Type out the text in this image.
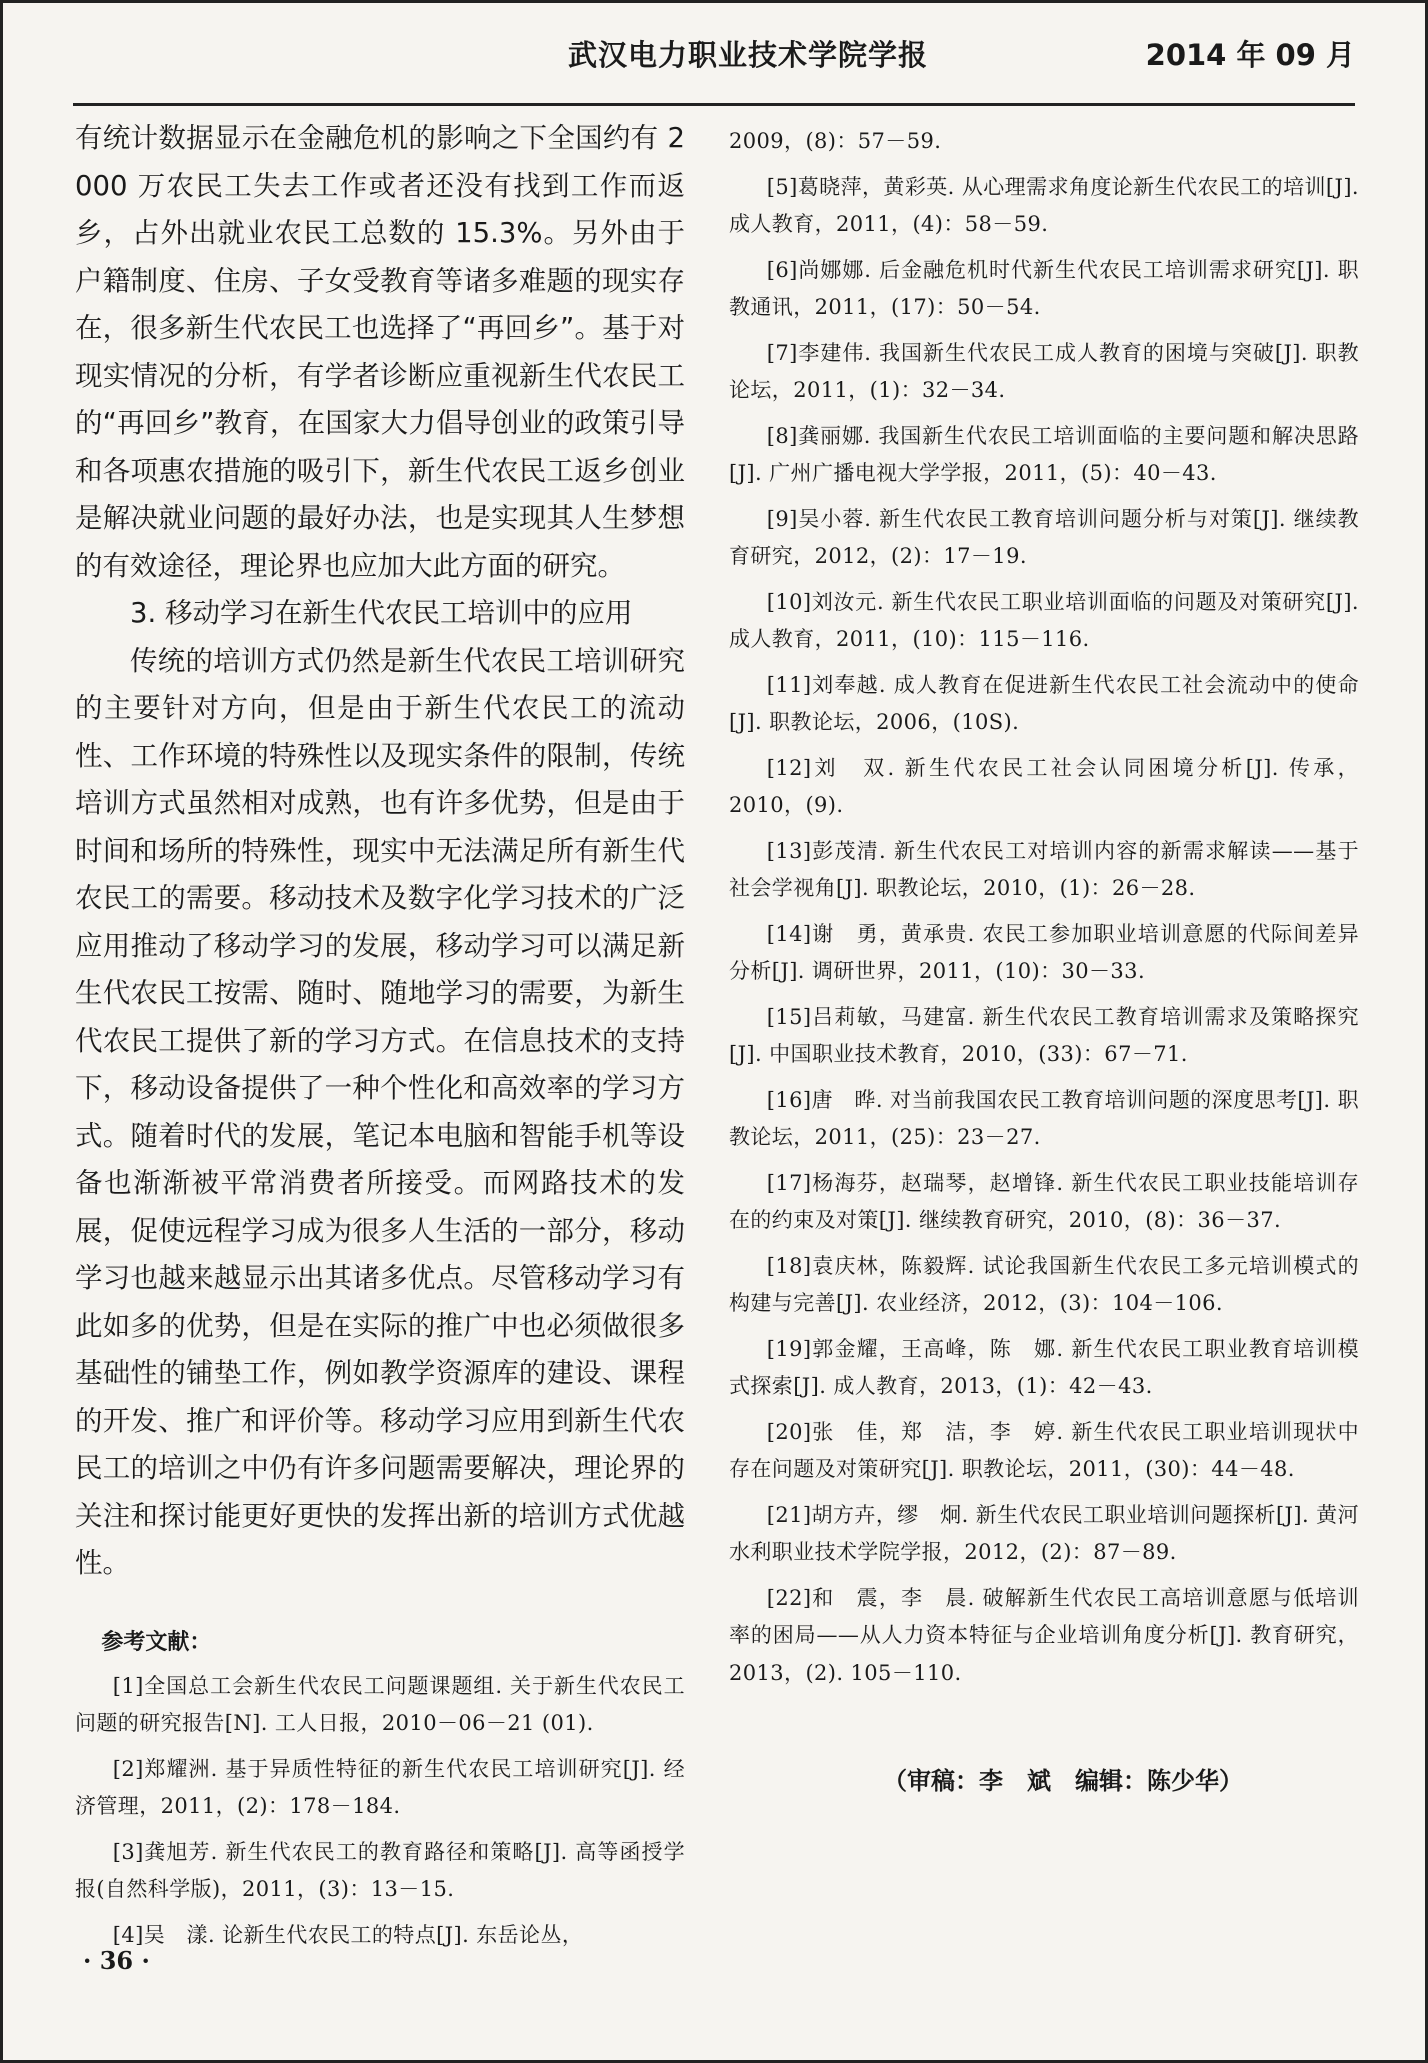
武汉电力职业技术学院学报	2014 年 09 月

有统计数据显示在金融危机的影响之下全国约有 2 000 万农民工失去工作或者还没有找到工作而返乡，占外出就业农民工总数的 15.3%。另外由于户籍制度、住房、子女受教育等诸多难题的现实存在，很多新生代农民工也选择了“再回乡”。基于对现实情况的分析，有学者诊断应重视新生代农民工的“再回乡”教育，在国家大力倡导创业的政策引导和各项惠农措施的吸引下，新生代农民工返乡创业是解决就业问题的最好办法，也是实现其人生梦想的有效途径，理论界也应加大此方面的研究。

3. 移动学习在新生代农民工培训中的应用

传统的培训方式仍然是新生代农民工培训研究的主要针对方向，但是由于新生代农民工的流动性、工作环境的特殊性以及现实条件的限制，传统培训方式虽然相对成熟，也有许多优势，但是由于时间和场所的特殊性，现实中无法满足所有新生代农民工的需要。移动技术及数字化学习技术的广泛应用推动了移动学习的发展，移动学习可以满足新生代农民工按需、随时、随地学习的需要，为新生代农民工提供了新的学习方式。在信息技术的支持下，移动设备提供了一种个性化和高效率的学习方式。随着时代的发展，笔记本电脑和智能手机等设备也渐渐被平常消费者所接受。而网路技术的发展，促使远程学习成为很多人生活的一部分，移动学习也越来越显示出其诸多优点。尽管移动学习有此如多的优势，但是在实际的推广中也必须做很多基础性的铺垫工作，例如教学资源库的建设、课程的开发、推广和评价等。移动学习应用到新生代农民工的培训之中仍有许多问题需要解决，理论界的关注和探讨能更好更快的发挥出新的培训方式优越性。

参考文献：

[1]全国总工会新生代农民工问题课题组. 关于新生代农民工问题的研究报告[N]. 工人日报，2010－06－21 (01).

[2]郑耀洲. 基于异质性特征的新生代农民工培训研究[J]. 经济管理，2011，(2)：178－184.

[3]龚旭芳. 新生代农民工的教育路径和策略[J]. 高等函授学报(自然科学版)，2011，(3)：13－15.

[4]吴　漾. 论新生代农民工的特点[J]. 东岳论丛，

2009，(8)：57－59.

[5]葛晓萍，黄彩英. 从心理需求角度论新生代农民工的培训[J]. 成人教育，2011，(4)：58－59.

[6]尚娜娜. 后金融危机时代新生代农民工培训需求研究[J]. 职教通讯，2011，(17)：50－54.

[7]李建伟. 我国新生代农民工成人教育的困境与突破[J]. 职教论坛，2011，(1)：32－34.

[8]龚丽娜. 我国新生代农民工培训面临的主要问题和解决思路[J]. 广州广播电视大学学报，2011，(5)：40－43.

[9]吴小蓉. 新生代农民工教育培训问题分析与对策[J]. 继续教育研究，2012，(2)：17－19.

[10]刘汝元. 新生代农民工职业培训面临的问题及对策研究[J]. 成人教育，2011，(10)：115－116.

[11]刘奉越. 成人教育在促进新生代农民工社会流动中的使命[J]. 职教论坛，2006，(10S).

[12]刘　双. 新生代农民工社会认同困境分析[J]. 传承，2010，(9).

[13]彭茂清. 新生代农民工对培训内容的新需求解读——基于社会学视角[J]. 职教论坛，2010，(1)：26－28.

[14]谢　勇，黄承贵. 农民工参加职业培训意愿的代际间差异分析[J]. 调研世界，2011，(10)：30－33.

[15]吕莉敏，马建富. 新生代农民工教育培训需求及策略探究[J]. 中国职业技术教育，2010，(33)：67－71.

[16]唐　晔. 对当前我国农民工教育培训问题的深度思考[J]. 职教论坛，2011，(25)：23－27.

[17]杨海芬，赵瑞琴，赵增锋. 新生代农民工职业技能培训存在的约束及对策[J]. 继续教育研究，2010，(8)：36－37.

[18]袁庆林，陈毅辉. 试论我国新生代农民工多元培训模式的构建与完善[J]. 农业经济，2012，(3)：104－106.

[19]郭金耀，王高峰，陈　娜. 新生代农民工职业教育培训模式探索[J]. 成人教育，2013，(1)：42－43.

[20]张　佳，郑　洁，李　婷. 新生代农民工职业培训现状中存在问题及对策研究[J]. 职教论坛，2011，(30)：44－48.

[21]胡方卉，缪　炯. 新生代农民工职业培训问题探析[J]. 黄河水利职业技术学院学报，2012，(2)：87－89.

[22]和　震，李　晨. 破解新生代农民工高培训意愿与低培训率的困局——从人力资本特征与企业培训角度分析[J]. 教育研究，2013，(2). 105－110.

（审稿：李　斌　编辑：陈少华）
· 36 ·
